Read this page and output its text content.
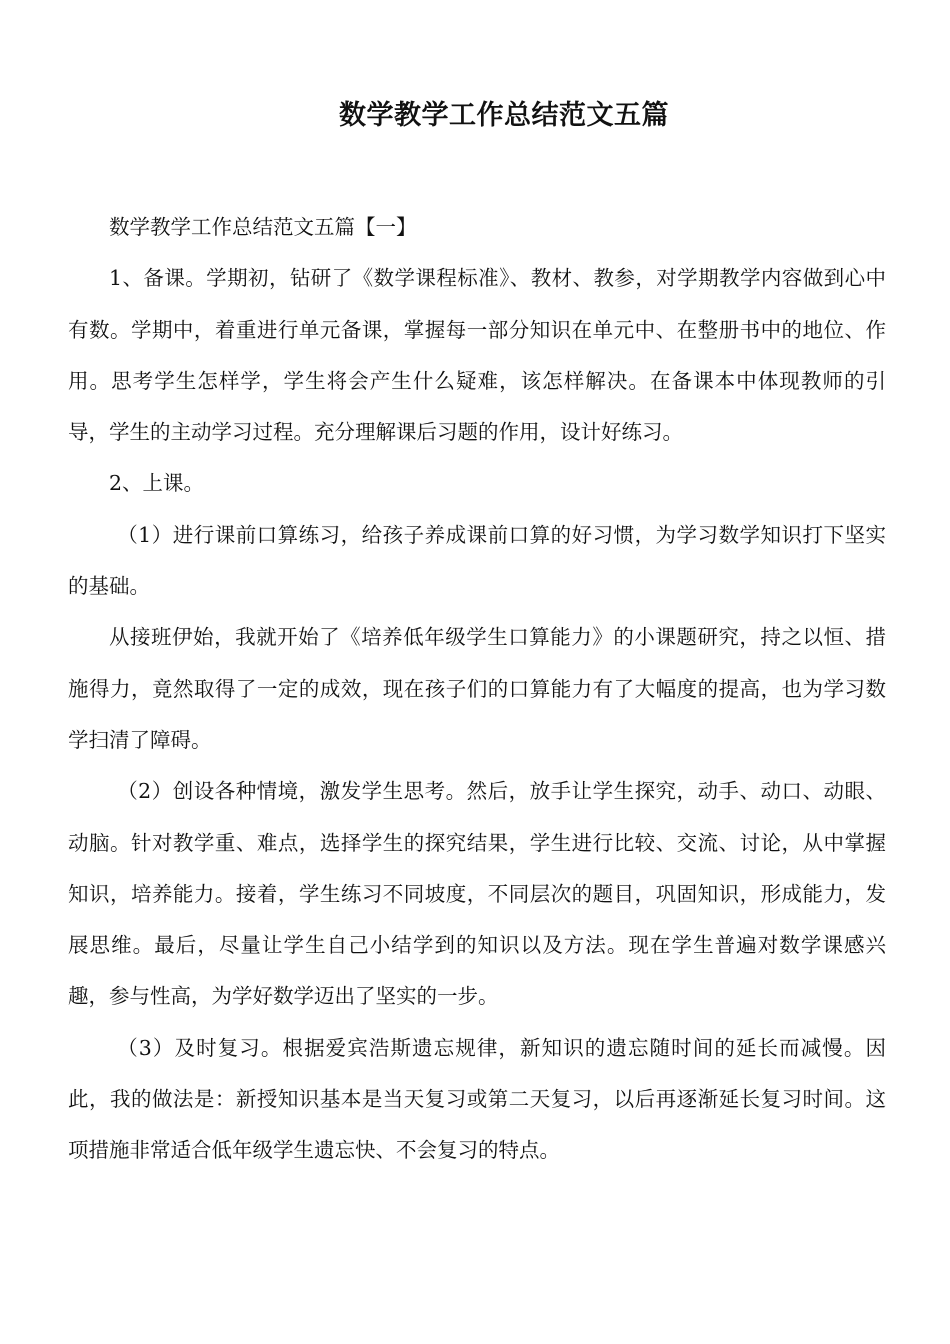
数学教学工作总结范文五篇

数学教学工作总结范文五篇【一】

1、备课。学期初，钻研了《数学课程标准》、教材、教参，对学期教学内容做到心中有数。学期中，着重进行单元备课，掌握每一部分知识在单元中、在整册书中的地位、作用。思考学生怎样学，学生将会产生什么疑难，该怎样解决。在备课本中体现教师的引导，学生的主动学习过程。充分理解课后习题的作用，设计好练习。

2、上课。

（1）进行课前口算练习，给孩子养成课前口算的好习惯，为学习数学知识打下坚实的基础。

从接班伊始，我就开始了《培养低年级学生口算能力》的小课题研究，持之以恒、措施得力，竟然取得了一定的成效，现在孩子们的口算能力有了大幅度的提高，也为学习数学扫清了障碍。

（2）创设各种情境，激发学生思考。然后，放手让学生探究，动手、动口、动眼、动脑。针对教学重、难点，选择学生的探究结果，学生进行比较、交流、讨论，从中掌握知识，培养能力。接着，学生练习不同坡度，不同层次的题目，巩固知识，形成能力，发展思维。最后，尽量让学生自己小结学到的知识以及方法。现在学生普遍对数学课感兴趣，参与性高，为学好数学迈出了坚实的一步。

（3）及时复习。根据爱宾浩斯遗忘规律，新知识的遗忘随时间的延长而减慢。因此，我的做法是：新授知识基本是当天复习或第二天复习，以后再逐渐延长复习时间。这项措施非常适合低年级学生遗忘快、不会复习的特点。
